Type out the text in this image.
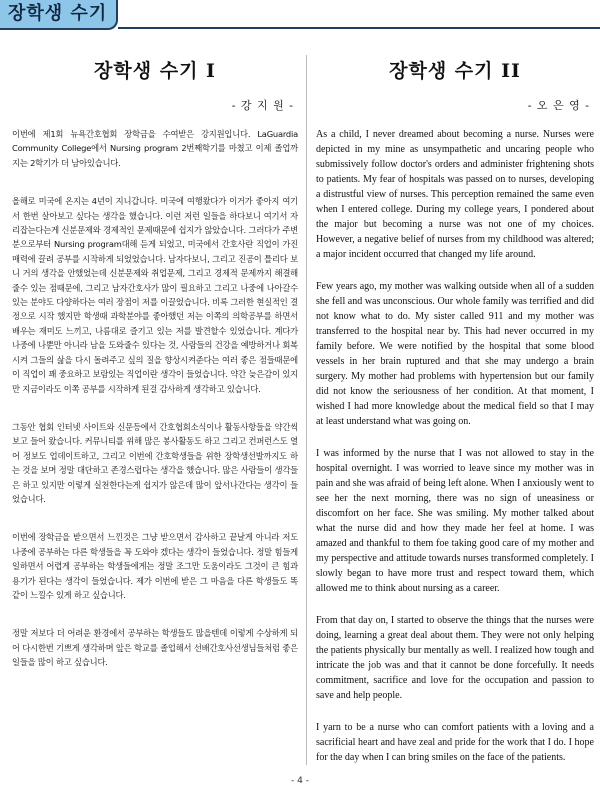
장학생 수기
장학생 수기 I
- 강 지 원 -

이번에 제1회 뉴욕간호협회 장학금을 수여받은 강지원입니다. LaGuardia Community College에서 Nursing program 2번째학기를 마쳤고 이제 졸업까지는 2학기가 더 남아있습니다.

올해로 미국에 온지는 4년이 지니갑니다. 미국에 여행왔다가 이거가 좋아지 여기서 한번 살아보고 싶다는 생각을 했습니다. 이런 저런 일들을 하다보니 여기서 자리잡는다는게 신분문제와 경제적인 문제때문에 쉽지가 않았습니다. 그러다가 주변분으로부터 Nursing program대해 듣게 되었고, 미국에서 간호사란 직업이 가진 매력에 끌려 공부를 시작하게 되었었습니다. 남자다보니, 그리고 진공이 틀리다 보니 거의 생각을 안했었는데 신분문제와 취업문제, 그리고 경제적 문제까지 해결해 줄수 있는 점때문에, 그리고 남자간호사가 많이 필요하고 그리고 나중에 나아갈수 있는 분야도 다양하다는 여러 장점이 저를 이끌었습니다. 비록 그러한 현실적인 결정으로 시작 했지만 학생때 과학분야를 좋아했던 저는 이쪽의 의학공부를 하면서 배우는 재미도 느끼고, 나름대로 즐기고 있는 저를 발견할수 있었습니다. 계다가 나중에 나뿐만 아니라 남을 도와줄수 있다는 것, 사람들의 건강을 예방하거나 회복시켜 그들의 삶을 다시 돌려주고 싶의 질을 향상시켜준다는 여러 좋은 점들때문에 이 직업이 꽤 중요하고 보람있는 직업이란 생각이 들었습니다. 약간 늦은감이 있지만 지금이라도 이쪽 공부를 시작하게 된걸 감사하게 생각하고 있습니다.

그동안 협회 인터넷 사이트와 신문등에서 간호협회소식이나 활동사항들을 약간씩 보고 들어 왔습니다. 커뮤니티를 위해 많은 봉사활동도 하고 그리고 컨퍼런스도 열어 정보도 업데이트하고, 그리고 이번에 간호학생들을 위한 장학생선발까지도 하는 것을 보며 정말 대단하고 존경스럽다는 생각을 했습니다. 많은 사람들이 생각들은 하고 있지만 이렇게 실천한다는게 쉽지가 않은데 많이 앞서나간다는 생각이 들었습니다.

이번에 장학금을 받으면서 느낀것은 그냥 받으면서 감사하고 끝날게 아니라 저도 나중에 공부하는 다른 학생들을 꼭 도와야 겠다는 생각이 들었습니다. 정말 힘들게 일하면서 어렵게 공부하는 학생들에게는 정말 조그만 도움이라도 그것이 큰 힘과 용기가 된다는 생각이 들었습니다. 제가 이번에 받은 그 마음을 다른 학생들도 똑같이 느낄수 있게 하고 싶습니다.

정말 저보다 더 어려운 환경에서 공부하는 학생들도 많을텐데 이렇게 수상하게 되어 다시한번 기쁘게 생각하며 앞은 학교를 졸업해서 선배간호사선생님들처럼 좋은일들을 많이 하고 싶습니다.

장학생 수기 II
- 오 은 영 -

As a child, I never dreamed about becoming a nurse. Nurses were depicted in my mine as unsympathetic and uncaring people who submissively follow doctor's orders and administer frightening shots to patients. My fear of hospitals was passed on to nurses, developing a distrustful view of nurses. This perception remained the same even when I entered college. During my college years, I pondered about the major but becoming a nurse was not one of my choices. However, a negative belief of nurses from my childhood was altered; a major incident occurred that changed my life around.

Few years ago, my mother was walking outside when all of a sudden she fell and was unconscious. Our whole family was terrified and did not know what to do. My sister called 911 and my mother was transferred to the hospital near by. This had never occurred in my family before. We were notified by the hospital that some blood vessels in her brain ruptured and that she may undergo a brain surgery. My mother had problems with hypertension but our family did not know the seriousness of her condition. At that moment, I wished I had more knowledge about the medical field so that I may at least understand what was going on.

I was informed by the nurse that I was not allowed to stay in the hospital overnight. I was worried to leave since my mother was in pain and she was afraid of being left alone. When I anxiously went to see her the next morning, there was no sign of uneasiness or discomfort on her face. She was smiling. My mother talked about what the nurse did and how they made her feel at home. I was amazed and thankful to them foe taking good care of my mother and my perspective and attitude towards nurses transformed completely. I slowly began to have more trust and respect toward them, which allowed me to think about nursing as a career.

From that day on, I started to observe the things that the nurses were doing, learning a great deal about them. They were not only helping the patients physically bur mentally as well. I realized how tough and intricate the job was and that it cannot be done forcefully. It needs commitment, sacrifice and love for the occupation and passion to save and help people.

I yarn to be a nurse who can comfort patients with a loving and a sacrificial heart and have zeal and pride for the work that I do. I hope for the day when I can bring smiles on the face of the patients.

- 4 -
